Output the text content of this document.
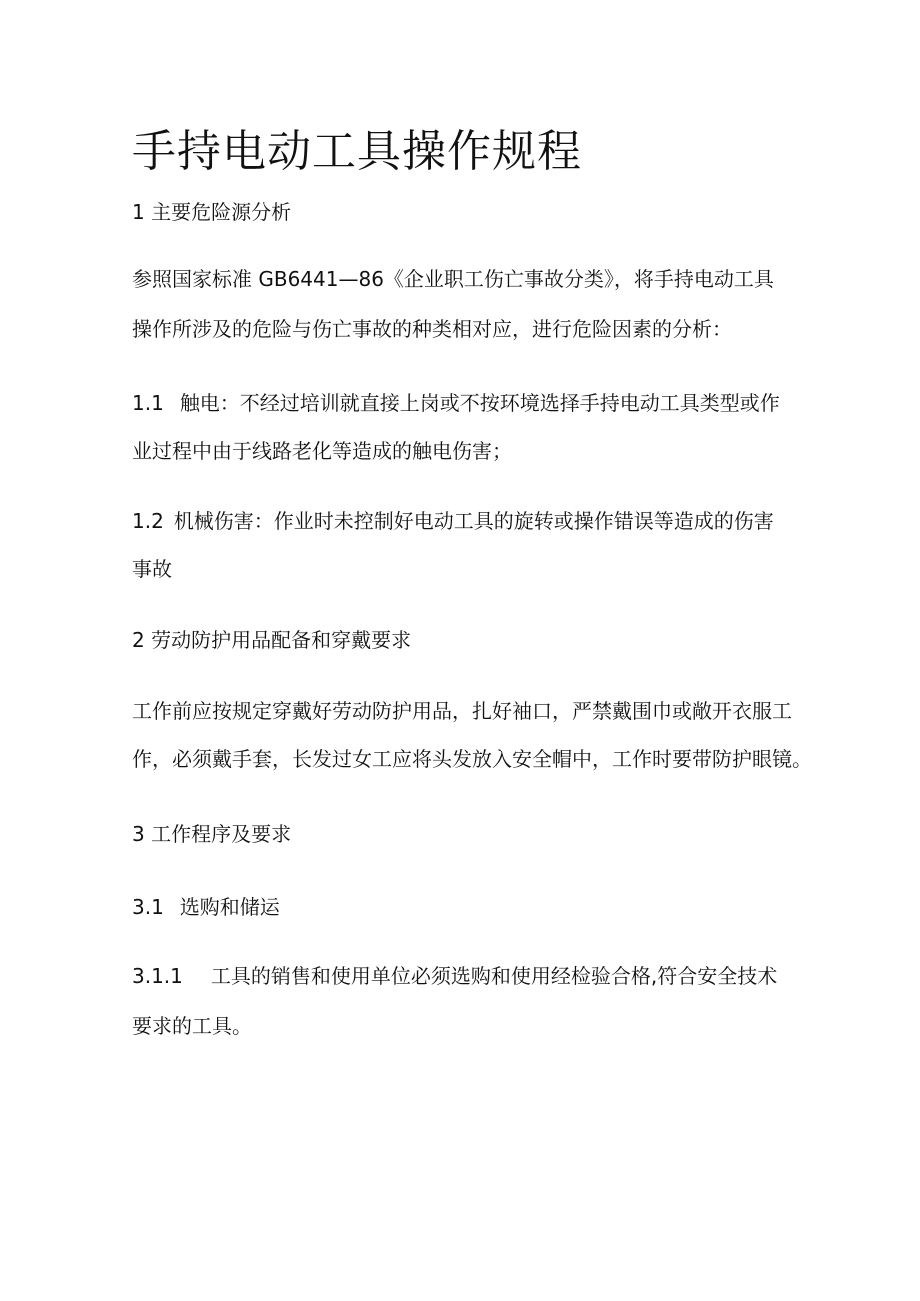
手持电动工具操作规程

1 主要危险源分析

参照国家标准 GB6441—86《企业职工伤亡事故分类》，将手持电动工具

操作所涉及的危险与伤亡事故的种类相对应，进行危险因素的分析：

1.1 触电：不经过培训就直接上岗或不按环境选择手持电动工具类型或作

业过程中由于线路老化等造成的触电伤害；

1.2 机械伤害：作业时未控制好电动工具的旋转或操作错误等造成的伤害

事故

2 劳动防护用品配备和穿戴要求

工作前应按规定穿戴好劳动防护用品，扎好袖口，严禁戴围巾或敞开衣服工

作，必须戴手套，长发过女工应将头发放入安全帽中，工作时要带防护眼镜。

3 工作程序及要求

3.1 选购和储运

3.1.1 工具的销售和使用单位必须选购和使用经检验合格,符合安全技术

要求的工具。
